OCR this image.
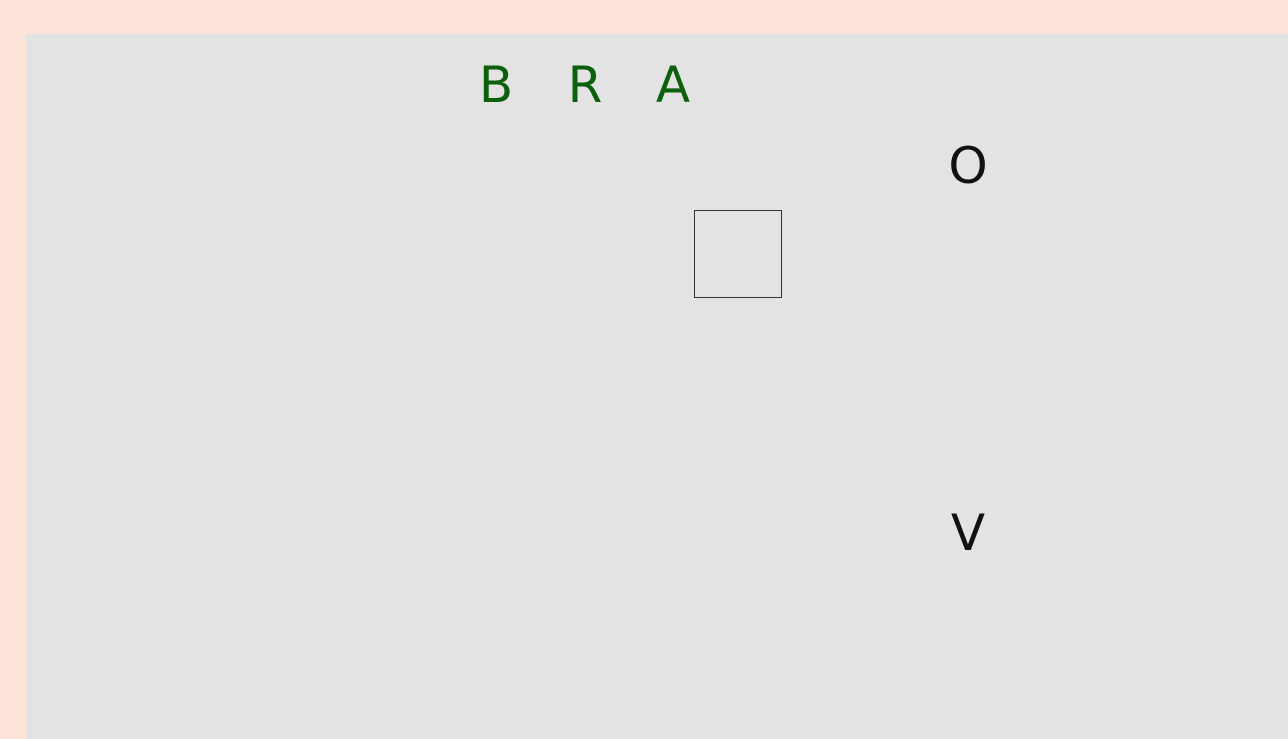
B R A
O
V
